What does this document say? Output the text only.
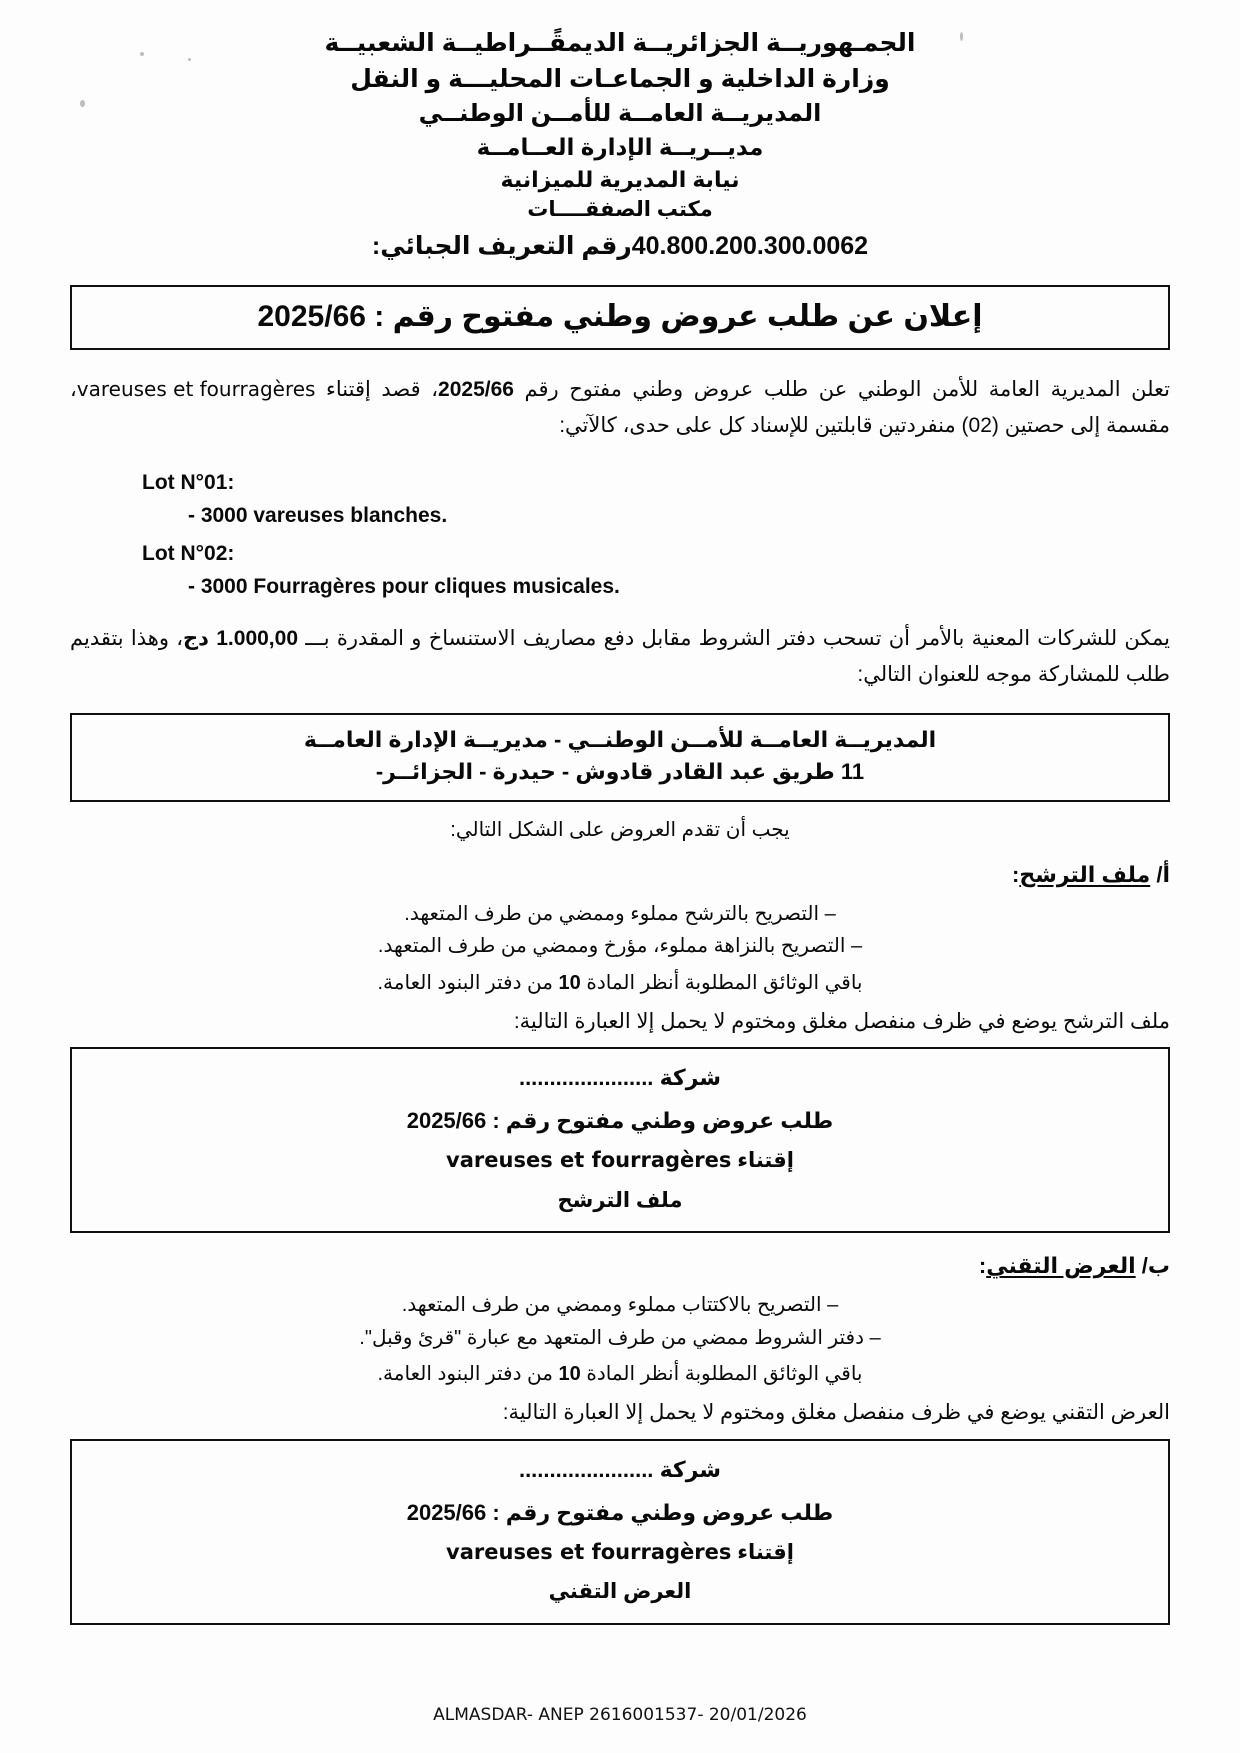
الجمـهوريــة الجزائريــة الديمقًــراطيــة الشعبيــة
وزارة الداخلية و الجماعـات المحليـــة و النقل
المديريــة العامــة للأمــن الوطنــي
مديــريــة الإدارة العــامــة
نيابة المديرية للميزانية
مكتب الصفقــــات
40.800.200.300.0062رقم التعريف الجبائي:
إعلان عن طلب عروض وطني مفتوح رقم : 2025/66
تعلن المديرية العامة للأمن الوطني عن طلب عروض وطني مفتوح رقم 2025/66، قصد إقتناء vareuses et fourragères، مقسمة إلى حصتين (02) منفردتين قابلتين للإسناد كل على حدى، كالآتي:
Lot N°01:
- 3000 vareuses blanches.
Lot N°02:
- 3000 Fourragères pour cliques musicales.
يمكن للشركات المعنية بالأمر أن تسحب دفتر الشروط مقابل دفع مصاريف الاستنساخ و المقدرة بـــ 1.000,00 دج، وهذا بتقديم طلب للمشاركة موجه للعنوان التالي:
المديريــة العامــة للأمــن الوطنــي - مديريــة الإدارة العامــة
11 طريق عبد القادر قادوش - حيدرة - الجزائــر-
يجب أن تقدم العروض على الشكل التالي:
أ/ ملف الترشح:
– التصريح بالترشح مملوء وممضي من طرف المتعهد.
– التصريح بالنزاهة مملوء، مؤرخ وممضي من طرف المتعهد.
باقي الوثائق المطلوبة أنظر المادة 10 من دفتر البنود العامة.
ملف الترشح يوضع في ظرف منفصل مغلق ومختوم لا يحمل إلا العبارة التالية:
شركة ......................
طلب عروض وطني مفتوح رقم : 2025/66
إقتناء vareuses et fourragères
ملف الترشح
ب/ العرض التقني:
– التصريح بالاكتتاب مملوء وممضي من طرف المتعهد.
– دفتر الشروط ممضي من طرف المتعهد مع عبارة "قرئ وقبل".
باقي الوثائق المطلوبة أنظر المادة 10 من دفتر البنود العامة.
العرض التقني يوضع في ظرف منفصل مغلق ومختوم لا يحمل إلا العبارة التالية:
شركة ......................
طلب عروض وطني مفتوح رقم : 2025/66
إقتناء vareuses et fourragères
العرض التقني
ALMASDAR- ANEP 2616001537- 20/01/2026
